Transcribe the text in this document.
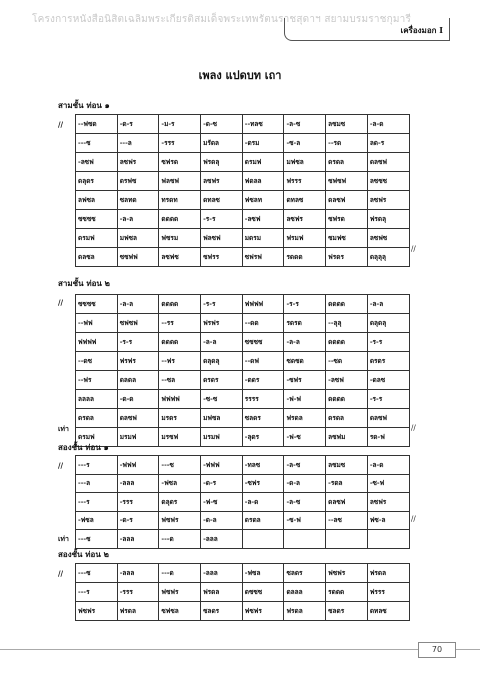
โครงการหนังสือนิสิตเฉลิมพระเกียรติสมเด็จพระเทพรัตนราชสุดาฯ สยามบรมราชกุมารี
เครื่องมอก I
เพลง แปดบท เถา
สามชั้น ท่อน ๑
// --ฟซด	-ด-ร	-ม-ร	-ด-ซ	--ทลซ	-ล-ซ	ลซมซ	-ล-ด
---ซ	---ล	-รรร	มรัดล	-ดรม	-ซ-ล	--รด	ลด-ร
-ลซฟ	ลซฟร	ซฟรด	ฟรดลุ	ดรมฟ	มฟซล	ดรดล	ดลซฟ
ดลุดร	ดรฟซ	ฟลซฟ	ลซฟร	ฟดลล	ฟรรร	ซฟซฟ	ลซซซ
ลฟซล	ซลทด	ทรดท	ดทลซ	ฟซลท	ดทลซ	ดลซฟ	ลซฟร
ซซซซ	-ล-ล	ดดดด	-ร-ร	-ลซฟ	ลซฟร	ซฟรด	ฟรดลุ
ดรมฟ	มฟซล	ฟซรม	ฟลซฟ	มดรม	ฟรมฟ	ซมฟซ	ลซฟซ
ดลซล	ซซฟฟ	ลซฟซ	ซฟรร	ซฟรฟ	รดดด	ฟรดร	ดลุลุลุ
//
สามชั้น ท่อน ๒
// ซซซซ	-ล-ล	ดดดด	-ร-ร	ฟฟฟฟ	-ร-ร	ดดดด	-ล-ล
--ฟฟ	ซฟซฟ	--รร	ฟรฟร	--ดด	รดรด	--ลุลุ	ดลุดลุ
ฟฟฟฟ	-ร-ร	ดดดด	-ล-ล	ซซซซ	-ล-ล	ดดดด	-ร-ร
--ดซ	ฟรฟร	--ฟร	ดลุดลุ	--ดฟ	ซดซด	--ซด	ดรดร
--ฟร	ดลดล	--ซล	ดรดร	-ดดร	-ซฟร	-ลซฟ	-ดลซ
ลลลล	-ด-ด	ฟฟฟฟ	-ซ-ซ	รรรร	-ฟ-ฟ	ดดดด	-ร-ร
ดรดล	ดลซฟ	มรดร	มฟซล	ซลดร	ฟรดล	ดรดล	ดลซฟ
ดรมฟ	มรมฟ	มรซฟ	มรมฟ	-ลุดร	-ฟ-ซ	ลซฟม	รด-ฟ
เท่า	//
สองชั้น ท่อน ๑
// ---ร	-ฟฟฟ	---ซ	-ฟฟฟ	-ทลซ	-ล-ซ	ลซมซ	-ล-ด
---ล	-ลลล	-ฟซล	-ด-ร	-ซฟร	-ด-ล	-รดล	-ซ-ฟ
---ร	-รรร	ดลุดร	-ฟ-ซ	-ล-ด	-ล-ซ	ดลซฟ	ลซฟร
-ฟซล	-ด-ร	ฟซฟร	-ด-ล	ดรดล	-ซ-ฟ	--ลซ	ฟซ-ล
---ซ	-ลลล	---ด	-ลลล				
//
เท่า
สองชั้น ท่อน ๒
// ---ซ	-ลลล	---ด	-ลลล	-ฟซล	ซลดร	ฟซฟร	ฟรดล
---ร	-รรร	ฟซฟร	ฟรดล	ดซซซ	ดลลล	รดดด	ฟรรร
ฟซฟร	ฟรดล	ซฟซล	ซลดร	ฟซฟร	ฟรดล	ซลดร	ดทลซ
70
